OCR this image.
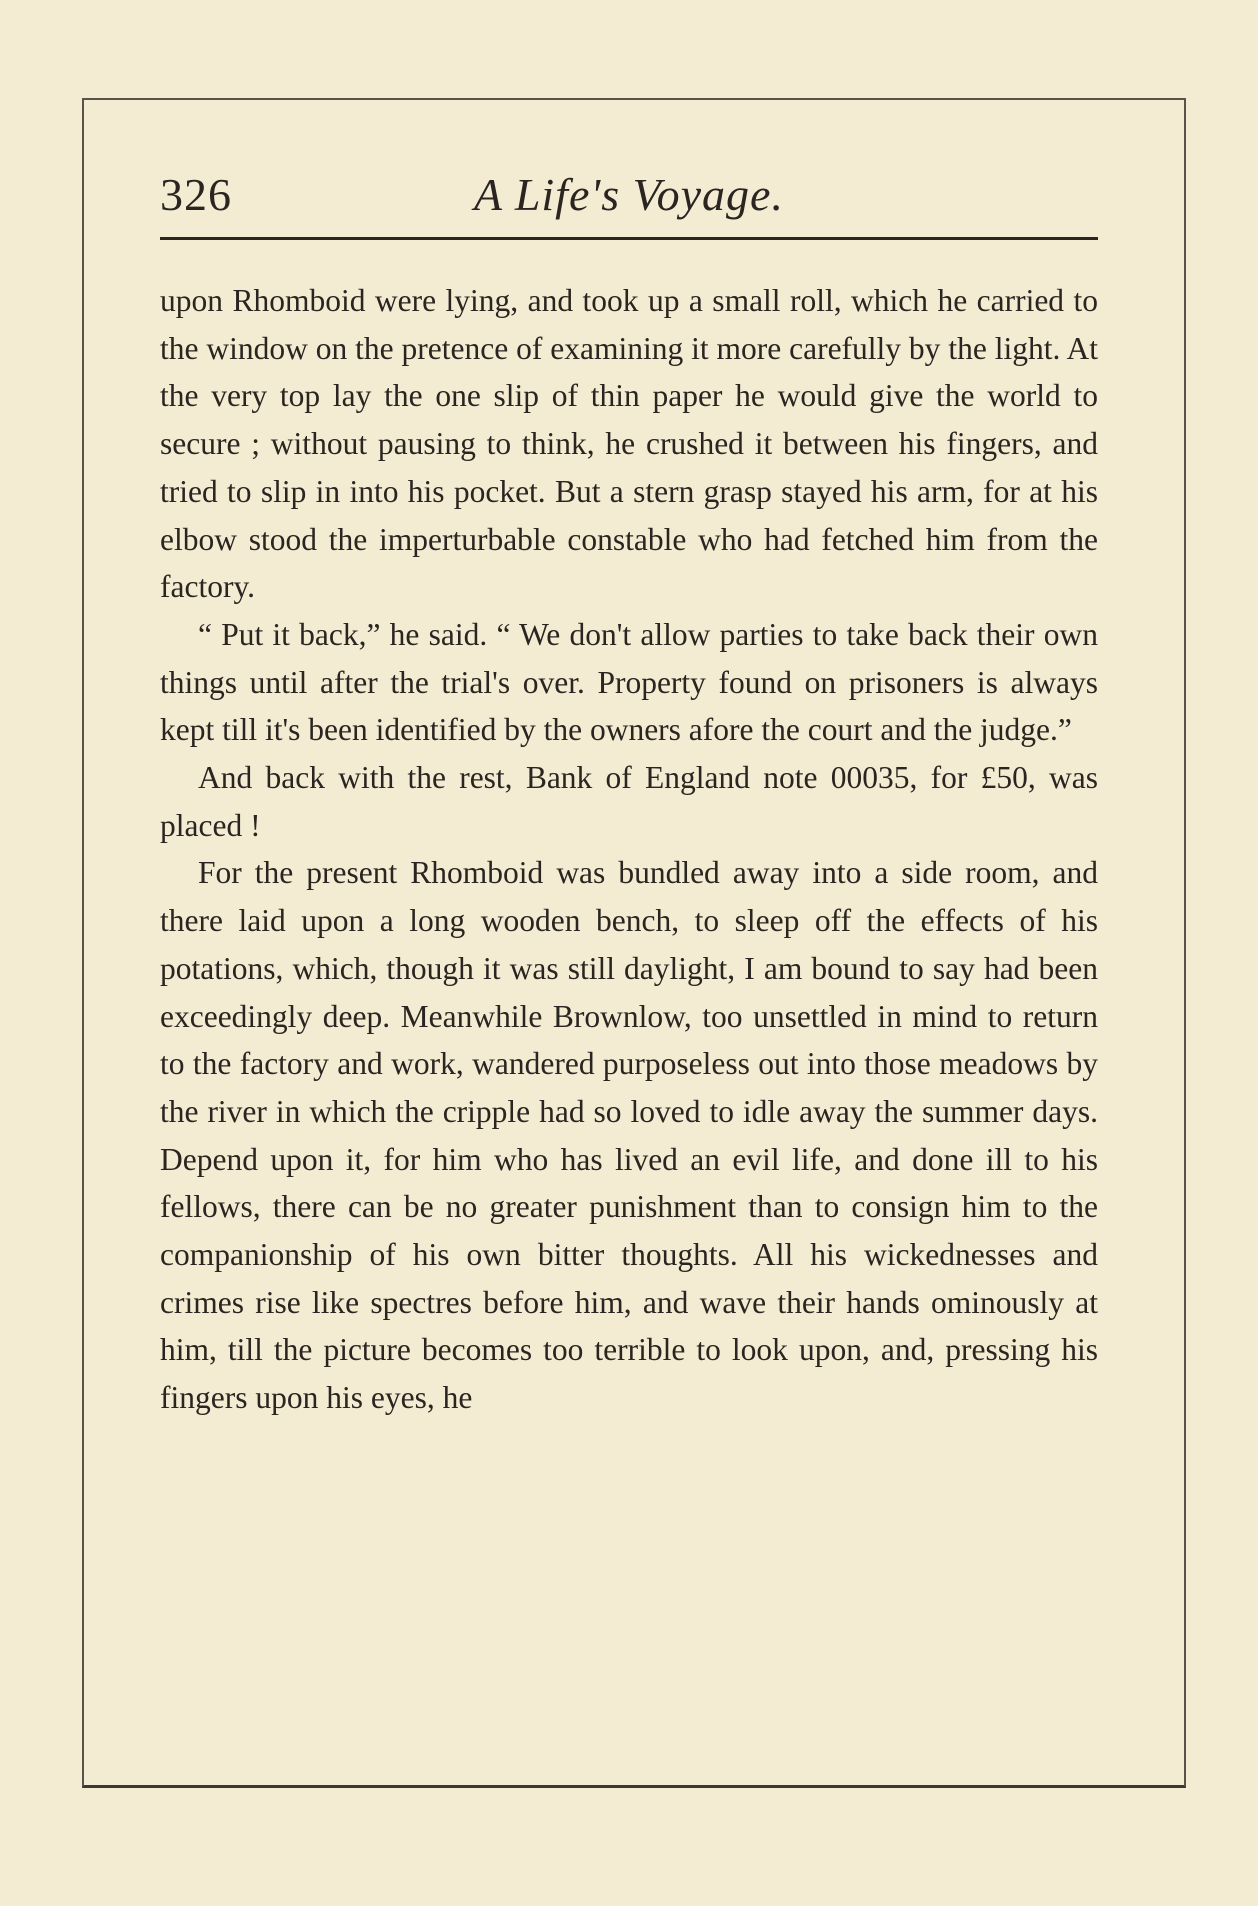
326	A Life's Voyage.

upon Rhomboid were lying, and took up a small roll, which he carried to the window on the pretence of examining it more carefully by the light. At the very top lay the one slip of thin paper he would give the world to secure ; without pausing to think, he crushed it between his fingers, and tried to slip in into his pocket. But a stern grasp stayed his arm, for at his elbow stood the imperturbable constable who had fetched him from the factory.

“ Put it back,” he said. “ We don't allow parties to take back their own things until after the trial's over. Property found on prisoners is always kept till it's been identified by the owners afore the court and the judge.”

And back with the rest, Bank of England note 00035, for £50, was placed !

For the present Rhomboid was bundled away into a side room, and there laid upon a long wooden bench, to sleep off the effects of his potations, which, though it was still daylight, I am bound to say had been exceedingly deep. Meanwhile Brownlow, too unsettled in mind to return to the factory and work, wandered purposeless out into those meadows by the river in which the cripple had so loved to idle away the summer days. Depend upon it, for him who has lived an evil life, and done ill to his fellows, there can be no greater punishment than to consign him to the companionship of his own bitter thoughts. All his wickednesses and crimes rise like spectres before him, and wave their hands ominously at him, till the picture becomes too terrible to look upon, and, pressing his fingers upon his eyes, he
